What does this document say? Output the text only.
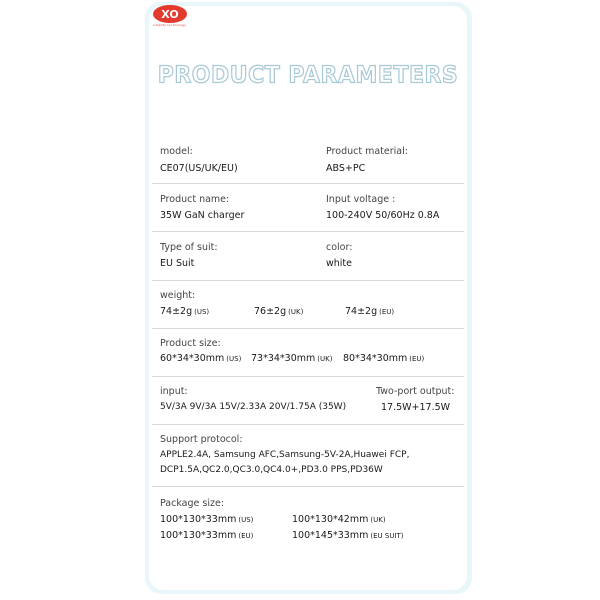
XO
simplify technology
PRODUCT PARAMETERS
model:
CE07(US/UK/EU)
Product material:
ABS+PC
Product name:
35W GaN charger
Input voltage :
100-240V 50/60Hz 0.8A
Type of suit:
EU Suit
color:
white
weight:
74±2g (US)	76±2g (UK)	74±2g (EU)
Product size:
60*34*30mm (US) 73*34*30mm (UK) 80*34*30mm (EU)
input:
5V/3A 9V/3A 15V/2.33A 20V/1.75A (35W)
Two-port output:
17.5W+17.5W
Support protocol:
APPLE2.4A, Samsung AFC,Samsung-5V-2A,Huawei FCP,
DCP1.5A,QC2.0,QC3.0,QC4.0+,PD3.0 PPS,PD36W
Package size:
100*130*33mm (US)	100*130*42mm (UK)
100*130*33mm (EU)	100*145*33mm (EU SUIT)
